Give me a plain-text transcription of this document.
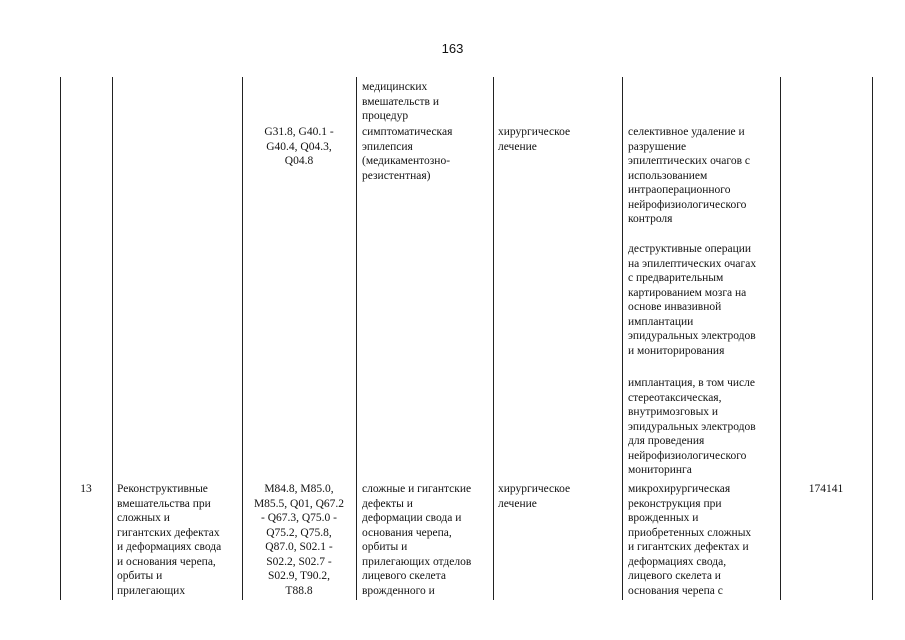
163
медицинских
вмешательств и
процедур
G31.8, G40.1 -
G40.4, Q04.3,
Q04.8
симптоматическая
эпилепсия
(медикаментозно-
резистентная)
хирургическое
лечение
селективное удаление и
разрушение
эпилептических очагов с
использованием
интраоперационного
нейрофизиологического
контроля
деструктивные операции
на эпилептических очагах
с предварительным
картированием мозга на
основе инвазивной
имплантации
эпидуральных электродов
и мониторирования
имплантация, в том числе
стереотаксическая,
внутримозговых и
эпидуральных электродов
для проведения
нейрофизиологического
мониторинга
13	Реконструктивные
вмешательства при
сложных и
гигантских дефектах
и деформациях свода
и основания черепа,
орбиты и
прилегающих
M84.8, M85.0,
M85.5, Q01, Q67.2
- Q67.3, Q75.0 -
Q75.2, Q75.8,
Q87.0, S02.1 -
S02.2, S02.7 -
S02.9, T90.2,
T88.8
сложные и гигантские
дефекты и
деформации свода и
основания черепа,
орбиты и
прилегающих отделов
лицевого скелета
врожденного и
хирургическое
лечение
микрохирургическая
реконструкция при
врожденных и
приобретенных сложных
и гигантских дефектах и
деформациях свода,
лицевого скелета и
основания черепа с
174141
